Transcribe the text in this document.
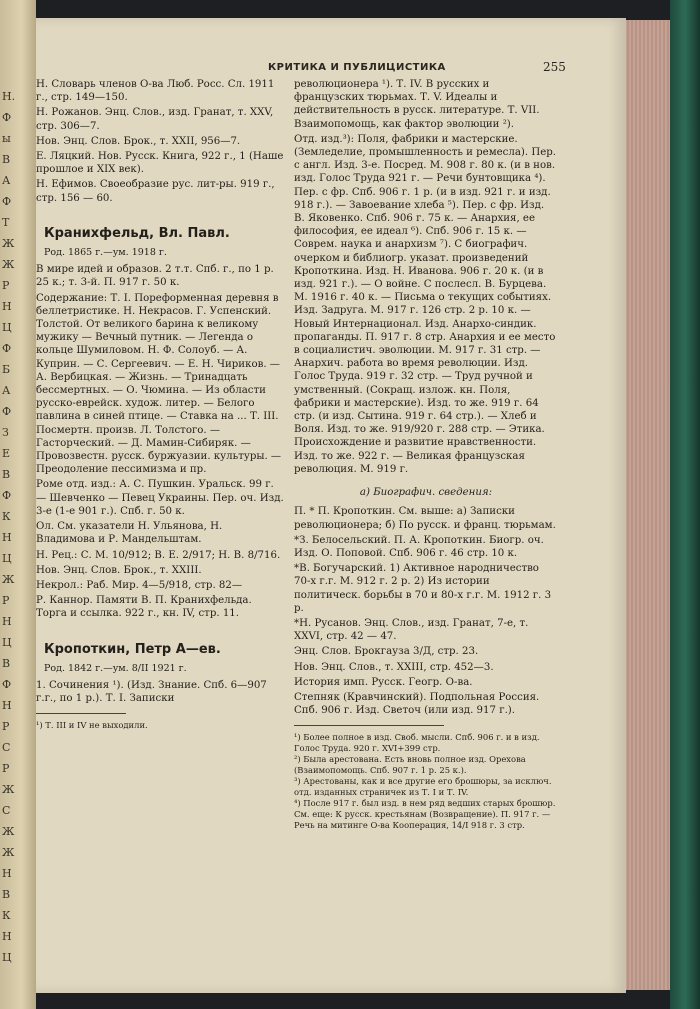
Н.
Ф
ы
В
А
Ф
Т
Ж
Ж
Р
Н
Ц
Ф
Б
А
Ф
З
Е
В
Ф
К
Н
Ц
Ж
Р
Н
Ц
В
Ф
Н
Р
С
Р
Ж
С
Ж
Ж
Н
В
К
Н
Ц
КРИТИКА И ПУБЛИЦИСТИКА	255

Н. Словарь членов О-ва Люб. Росс. Сл. 1911 г., стр. 149—150.

Н. Рожанов. Энц. Слов., изд. Гранат, т. XXV, стр. 306—7.

Нов. Энц. Слов. Брок., т. XXII, 956—7.

Е. Ляцкий. Нов. Русск. Книга, 922 г., 1 (Наше прошлое и XIX век).

Н. Ефимов. Своеобразие рус. лит-ры. 919 г., стр. 156 — 60.

Кранихфельд, Вл. Павл.

Род. 1865 г.—ум. 1918 г.

В мире идей и образов. 2 т.т. Спб. г., по 1 р. 25 к.; т. 3-й. П. 917 г. 50 к.

Содержание: Т. I. Пореформенная деревня в беллетристике. Н. Некрасов. Г. Успенский. Толстой. От великого барина к великому мужику — Вечный путник. — Легенда о кольце Шумиловом. Н. Ф. Солоуб. — А. Куприн. — С. Сергеевич. — Е. Н. Чириков. — А. Вербицкая. — Жизнь. — Тринадцать бессмертных. — О. Чюмина. — Из области русско-еврейск. худож. литер. — Белого павлина в синей птице. — Ставка на ... Т. III. Посмертн. произв. Л. Толстого. — Гасторческий. — Д. Мамин-Сибиряк. — Провозвестн. русск. буржуазии. культуры. — Преодоление пессимизма и пр.

Роме отд. изд.: А. С. Пушкин. Уральск. 99 г. — Шевченко — Певец Украины. Пер. оч. Изд. 3-е (1-е 901 г.). Спб. г. 50 к.

Ол. См. указатели Н. Ульянова, Н. Владимова и Р. Мандельштам.

Н. Рец.: С. М. 10/912; В. Е. 2/917; Н. В. 8/716.

Нов. Энц. Слов. Брок., т. XXIII.

Некрол.: Раб. Мир. 4—5/918, стр. 82—

Р. Каннор. Памяти В. П. Кранихфельда. Торга и ссылка. 922 г., кн. IV, стр. 11.

Кропоткин, Петр А—ев.

Род. 1842 г.—ум. 8/II 1921 г.

1. Сочинения ¹). (Изд. Знание. Спб. 6—907 г.г., по 1 р.). Т. I. Записки

¹) Т. III и IV не выходили.

революционера ¹). Т. IV. В русских и французских тюрьмах. Т. V. Идеалы и действительность в русск. литературе. Т. VII. Взаимопомощь, как фактор эволюции ²).

Отд. изд.³): Поля, фабрики и мастерские. (Земледелие, промышленность и ремесла). Пер. с англ. Изд. 3-е. Посред. М. 908 г. 80 к. (и в нов. изд. Голос Труда 921 г. — Речи бунтовщика ⁴). Пер. с фр. Спб. 906 г. 1 р. (и в изд. 921 г. и изд. 918 г.). — Завоевание хлеба ⁵). Пер. с фр. Изд. В. Яковенко. Спб. 906 г. 75 к. — Анархия, ее философия, ее идеал ⁶). Спб. 906 г. 15 к. — Соврем. наука и анархизм ⁷). С биографич. очерком и библиогр. указат. произведений Кропоткина. Изд. Н. Иванова. 906 г. 20 к. (и в изд. 921 г.). — О войне. С послесл. В. Бурцева. М. 1916 г. 40 к. — Письма о текущих событиях. Изд. Задруга. М. 917 г. 126 стр. 2 р. 10 к. — Новый Интернационал. Изд. Анархо-синдик. пропаганды. П. 917 г. 8 стр. Анархия и ее место в социалистич. эволюции. М. 917 г. 31 стр. — Анархич. работа во время революции. Изд. Голос Труда. 919 г. 32 стр. — Труд ручной и умственный. (Сокращ. излож. кн. Поля, фабрики и мастерские). Изд. то же. 919 г. 64 стр. (и изд. Сытина. 919 г. 64 стр.). — Хлеб и Воля. Изд. то же. 919/920 г. 288 стр. — Этика. Происхождение и развитие нравственности. Изд. то же. 922 г. — Великая французская революция. М. 919 г.

а) Биографич. сведения:

П. * П. Кропоткин. См. выше: а) Записки революционера; б) По русск. и франц. тюрьмам.

*З. Белосельский. П. А. Кропоткин. Биогр. оч. Изд. О. Поповой. Спб. 906 г. 46 стр. 10 к.

*В. Богучарский. 1) Активное народничество 70-х г.г. М. 912 г. 2 р. 2) Из истории политическ. борьбы в 70 и 80-х г.г. М. 1912 г. 3 р.

*Н. Русанов. Энц. Слов., изд. Гранат, 7-е, т. XXVI, стр. 42 — 47.

Энц. Слов. Брокгауза 3/Д, стр. 23.

Нов. Энц. Слов., т. XXIII, стр. 452—3.

История имп. Русск. Геогр. О-ва.

Степняк (Кравчинский). Подпольная Россия. Спб. 906 г. Изд. Светоч (или изд. 917 г.).

¹) Более полное в изд. Своб. мысли. Спб. 906 г. и в изд. Голос Труда. 920 г. XVI+399 стр.

²) Была арестована. Есть вновь полное изд. Орехова (Взаимопомощь. Спб. 907 г. 1 р. 25 к.).

³) Арестованы, как и все другие его брошюры, за исключ. отд. изданных страничек из Т. I и Т. IV.

⁴) После 917 г. был изд. в нем ряд ведших старых брошюр. См. еще: К русск. крестьянам (Возвращение). П. 917 г. — Речь на митинге О-ва Кооперация, 14/I 918 г. 3 стр.
